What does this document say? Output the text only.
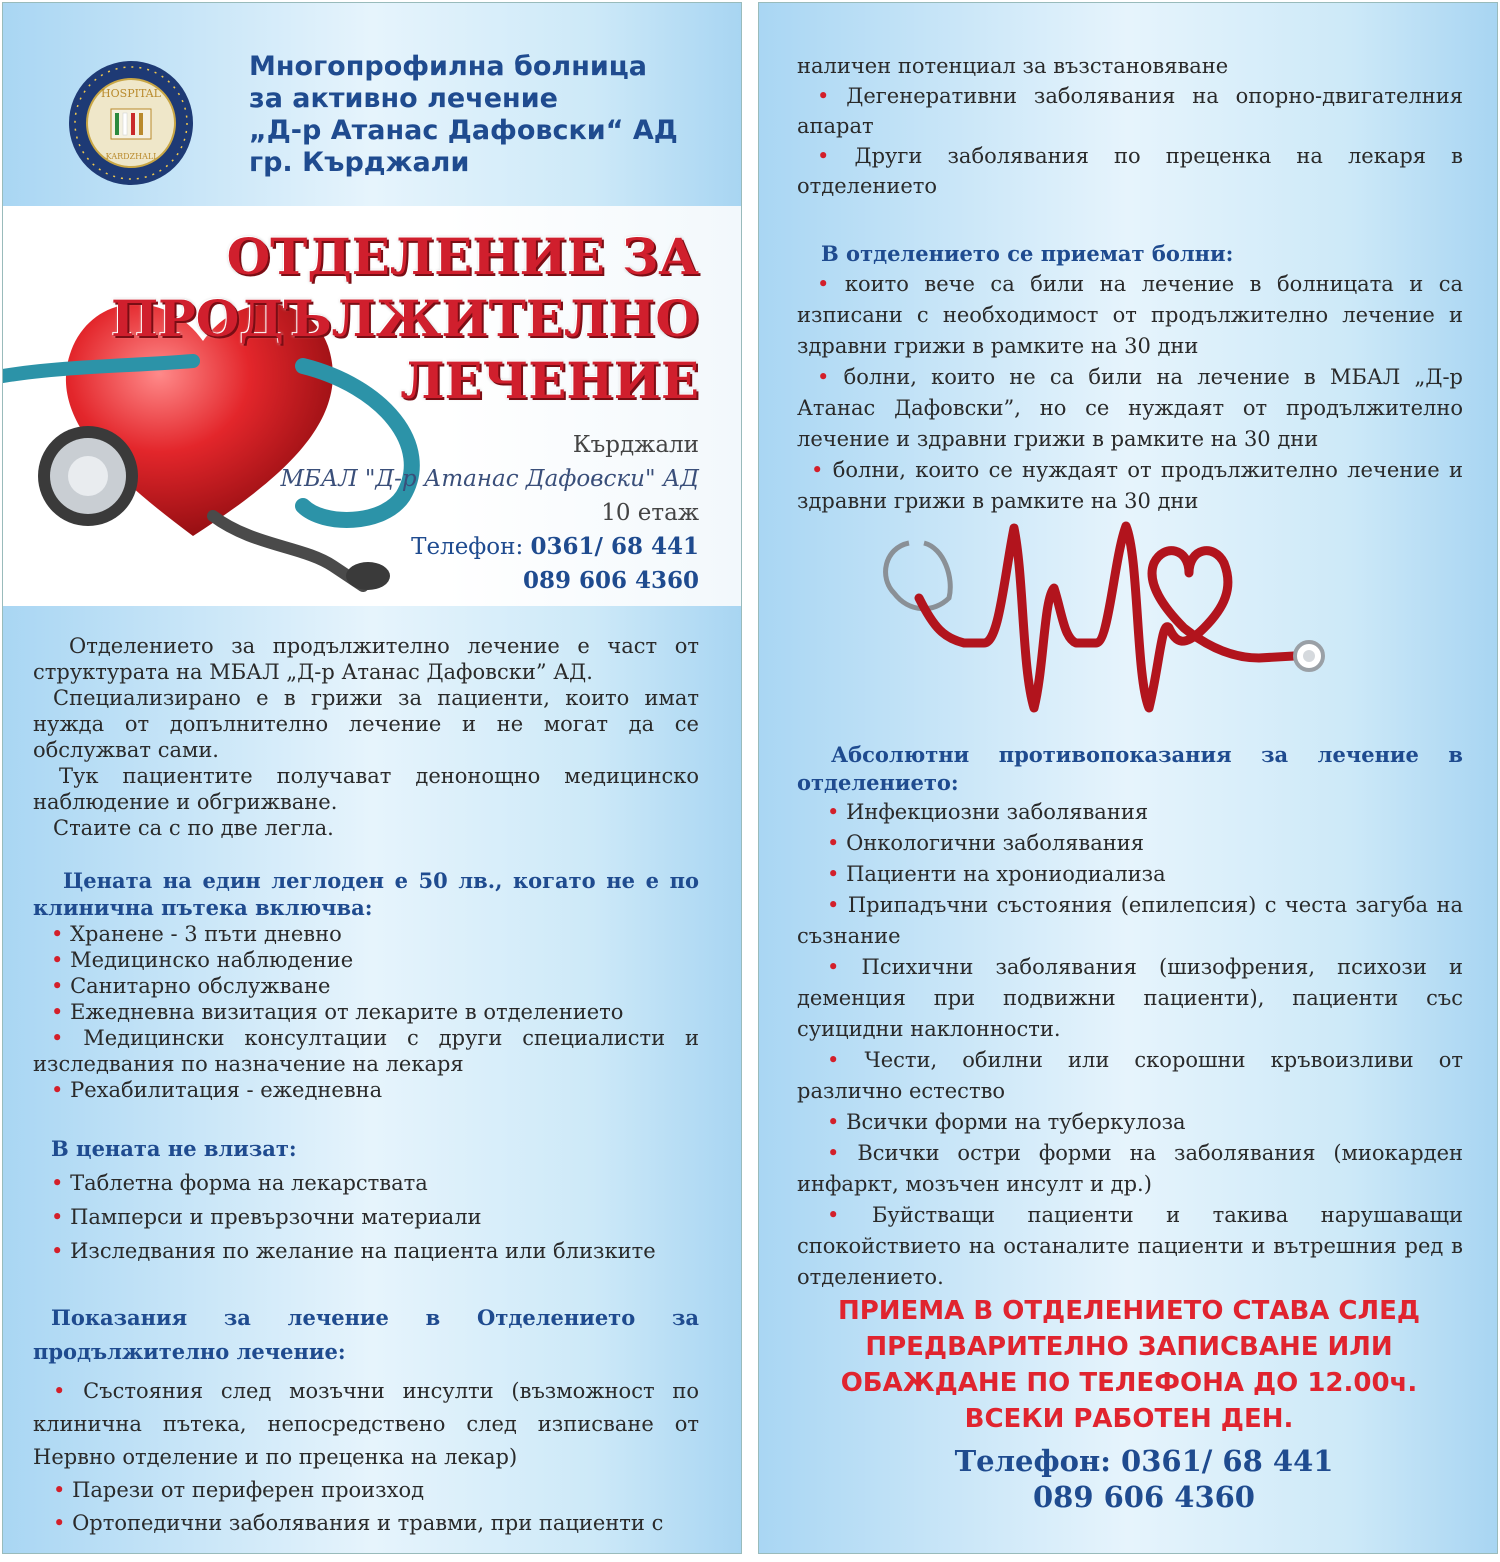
HOSPITAL
KARDZHALI
Многопрофилна болница
за активно лечение
„Д-р Атанас Дафовски“ АД
гр. Кърджали
ОТДЕЛЕНИЕ ЗА
ПРОДЪЛЖИТЕЛНО
ЛЕЧЕНИЕ
Кърджали
МБАЛ "Д-р Атанас Дафовски" АД
10 етаж
Телефон: 0361/ 68 441
089 606 4360

Отделението за продължително лечение е част от структурата на МБАЛ „Д-р Атанас Дафовски” АД.

Специализирано е в грижи за пациенти, които имат нужда от допълнително лечение и не могат да се обслужват сами.

Тук пациентите получават денонощно медицинско наблюдение и обгрижване.

Стаите са с по две легла.

Цената на един леглоден е 50 лв., когато не е по клинична пътека включва:

• Хранене - 3 пъти дневно

• Медицинско наблюдение

• Санитарно обслужване

• Ежедневна визитация от лекарите в отделението

• Медицински консултации с други специалисти и изследвания по назначение на лекаря

• Рехабилитация - ежедневна

В цената не влизат:

• Таблетна форма на лекарствата

• Памперси и превързочни материали

• Изследвания по желание на пациента или близките

Показания за лечение в Отделението за продължително лечение:

• Състояния след мозъчни инсулти (възможност по клинична пътека, непосредствено след изписване от Нервно отделение и по преценка на лекар)

• Парези от периферен произход

• Ортопедични заболявания и травми, при пациенти с

наличен потенциал за възстановяване

• Дегенеративни заболявания на опорно-двигателния апарат

• Други заболявания по преценка на лекаря в отделението

В отделението се приемат болни:

• които вече са били на лечение в болницата и са изписани с необходимост от продължително лечение и здравни грижи в рамките на 30 дни

• болни, които не са били на лечение в МБАЛ „Д-р Атанас Дафовски”, но се нуждаят от продължително лечение и здравни грижи в рамките на 30 дни

• болни, които се нуждаят от продължително лечение и здравни грижи в рамките на 30 дни

Абсолютни противопоказания за лечение в отделението:

• Инфекциозни заболявания

• Онкологични заболявания

• Пациенти на хрониодиализа

• Припадъчни състояния (епилепсия) с честа загуба на съзнание

• Психични заболявания (шизофрения, психози и деменция при подвижни пациенти), пациенти със суицидни наклонности.

• Чести, обилни или скорошни кръвоизливи от различно естество

• Всички форми на туберкулоза

• Всички остри форми на заболявания (миокарден инфаркт, мозъчен инсулт и др.)

• Буйстващи пациенти и такива нарушаващи спокойствието на останалите пациенти и вътрешния ред в отделението.

ПРИЕМА В ОТДЕЛЕНИЕТО СТАВА СЛЕД
ПРЕДВАРИТЕЛНО ЗАПИСВАНЕ ИЛИ
ОБАЖДАНЕ ПО ТЕЛЕФОНА ДО 12.00ч.
ВСЕКИ РАБОТЕН ДЕН.
Телефон: 0361/ 68 441
089 606 4360
